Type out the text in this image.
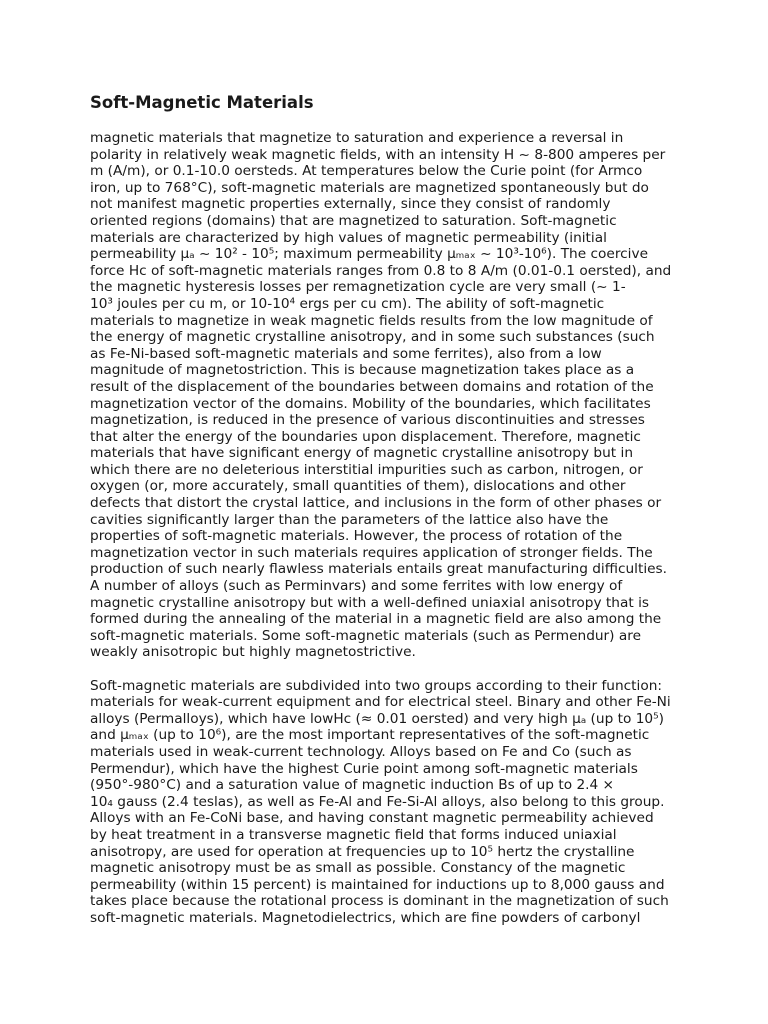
Soft-Magnetic Materials

magnetic materials that magnetize to saturation and experience a reversal in
polarity in relatively weak magnetic fields, with an intensity H ~ 8-800 amperes per
m (A/m), or 0.1-10.0 oersteds. At temperatures below the Curie point (for Armco
iron, up to 768°C), soft-magnetic materials are magnetized spontaneously but do
not manifest magnetic properties externally, since they consist of randomly
oriented regions (domains) that are magnetized to saturation. Soft-magnetic
materials are characterized by high values of magnetic permeability (initial
permeability μₐ ~ 10² - 10⁵; maximum permeability μₘₐₓ ~ 10³-10⁶). The coercive
force Hc of soft-magnetic materials ranges from 0.8 to 8 A/m (0.01-0.1 oersted), and
the magnetic hysteresis losses per remagnetization cycle are very small (~ 1-
10³ joules per cu m, or 10-10⁴ ergs per cu cm). The ability of soft-magnetic
materials to magnetize in weak magnetic fields results from the low magnitude of
the energy of magnetic crystalline anisotropy, and in some such substances (such
as Fe-Ni-based soft-magnetic materials and some ferrites), also from a low
magnitude of magnetostriction. This is because magnetization takes place as a
result of the displacement of the boundaries between domains and rotation of the
magnetization vector of the domains. Mobility of the boundaries, which facilitates
magnetization, is reduced in the presence of various discontinuities and stresses
that alter the energy of the boundaries upon displacement. Therefore, magnetic
materials that have significant energy of magnetic crystalline anisotropy but in
which there are no deleterious interstitial impurities such as carbon, nitrogen, or
oxygen (or, more accurately, small quantities of them), dislocations and other
defects that distort the crystal lattice, and inclusions in the form of other phases or
cavities significantly larger than the parameters of the lattice also have the
properties of soft-magnetic materials. However, the process of rotation of the
magnetization vector in such materials requires application of stronger fields. The
production of such nearly flawless materials entails great manufacturing difficulties.
A number of alloys (such as Perminvars) and some ferrites with low energy of
magnetic crystalline anisotropy but with a well-defined uniaxial anisotropy that is
formed during the annealing of the material in a magnetic field are also among the
soft-magnetic materials. Some soft-magnetic materials (such as Permendur) are
weakly anisotropic but highly magnetostrictive.

Soft-magnetic materials are subdivided into two groups according to their function:
materials for weak-current equipment and for electrical steel. Binary and other Fe-Ni
alloys (Permalloys), which have lowHc (≈ 0.01 oersted) and very high μₐ (up to 10⁵)
and μₘₐₓ (up to 10⁶), are the most important representatives of the soft-magnetic
materials used in weak-current technology. Alloys based on Fe and Co (such as
Permendur), which have the highest Curie point among soft-magnetic materials
(950°-980°C) and a saturation value of magnetic induction Bs of up to 2.4 ×
10₄ gauss (2.4 teslas), as well as Fe-Al and Fe-Si-Al alloys, also belong to this group.
Alloys with an Fe-CoNi base, and having constant magnetic permeability achieved
by heat treatment in a transverse magnetic field that forms induced uniaxial
anisotropy, are used for operation at frequencies up to 10⁵ hertz the crystalline
magnetic anisotropy must be as small as possible. Constancy of the magnetic
permeability (within 15 percent) is maintained for inductions up to 8,000 gauss and
takes place because the rotational process is dominant in the magnetization of such
soft-magnetic materials. Magnetodielectrics, which are fine powders of carbonyl
